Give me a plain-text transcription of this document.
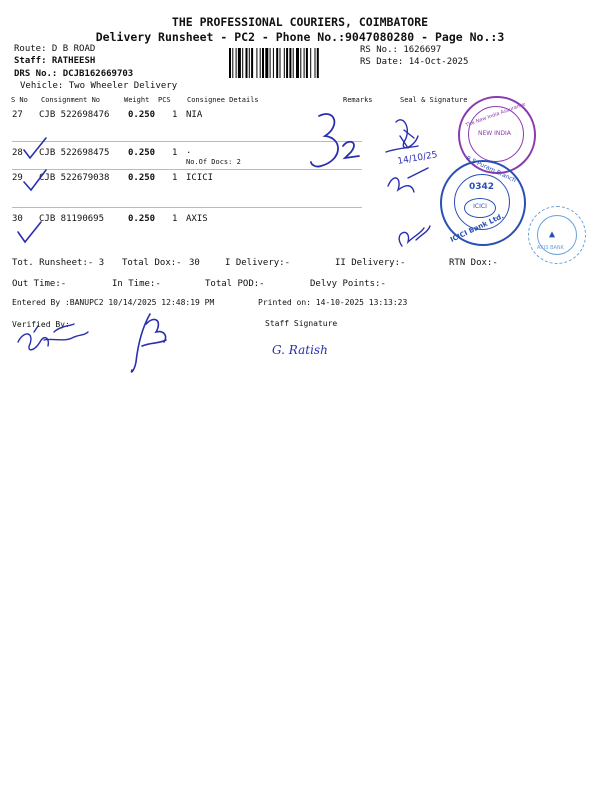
THE PROFESSIONAL COURIERS, COIMBATORE
Delivery Runsheet - PC2 - Phone No.:9047080280 - Page No.:3
Route: D B ROAD
Staff: RATHEESH
DRS No.: DCJB162669703
Vehicle: Two Wheeler Delivery
RS No.: 1626697
RS Date: 14-Oct-2025
S No Consignment No	Weight PCS Consignee Details	Remarks	Seal & Signature
27 CJB 522698476 0.250 1 NIA
28 CJB 522698475 0.250 1 .
No.Of Docs: 2
29 CJB 522679038 0.250 1 ICICI
30 CJB 81190695	0.250 1 AXIS
Tot. Runsheet:- 3 Total Dox:- 30	I Delivery:-	II Delivery:-	RTN Dox:-
Out Time:-	In Time:-	Total POD:-	Delvy Points:-
Entered By :BANUPC2 10/14/2025 12:48:19 PM	Printed on: 14-10-2025 13:13:23
Verified By:	Staff Signature
14/10/25
The New India Assurance
NEW INDIA
R S Puram Branch
0342
ICICI
ICICI Bank Ltd.	▲
AXIS BANK
G. Ratish
